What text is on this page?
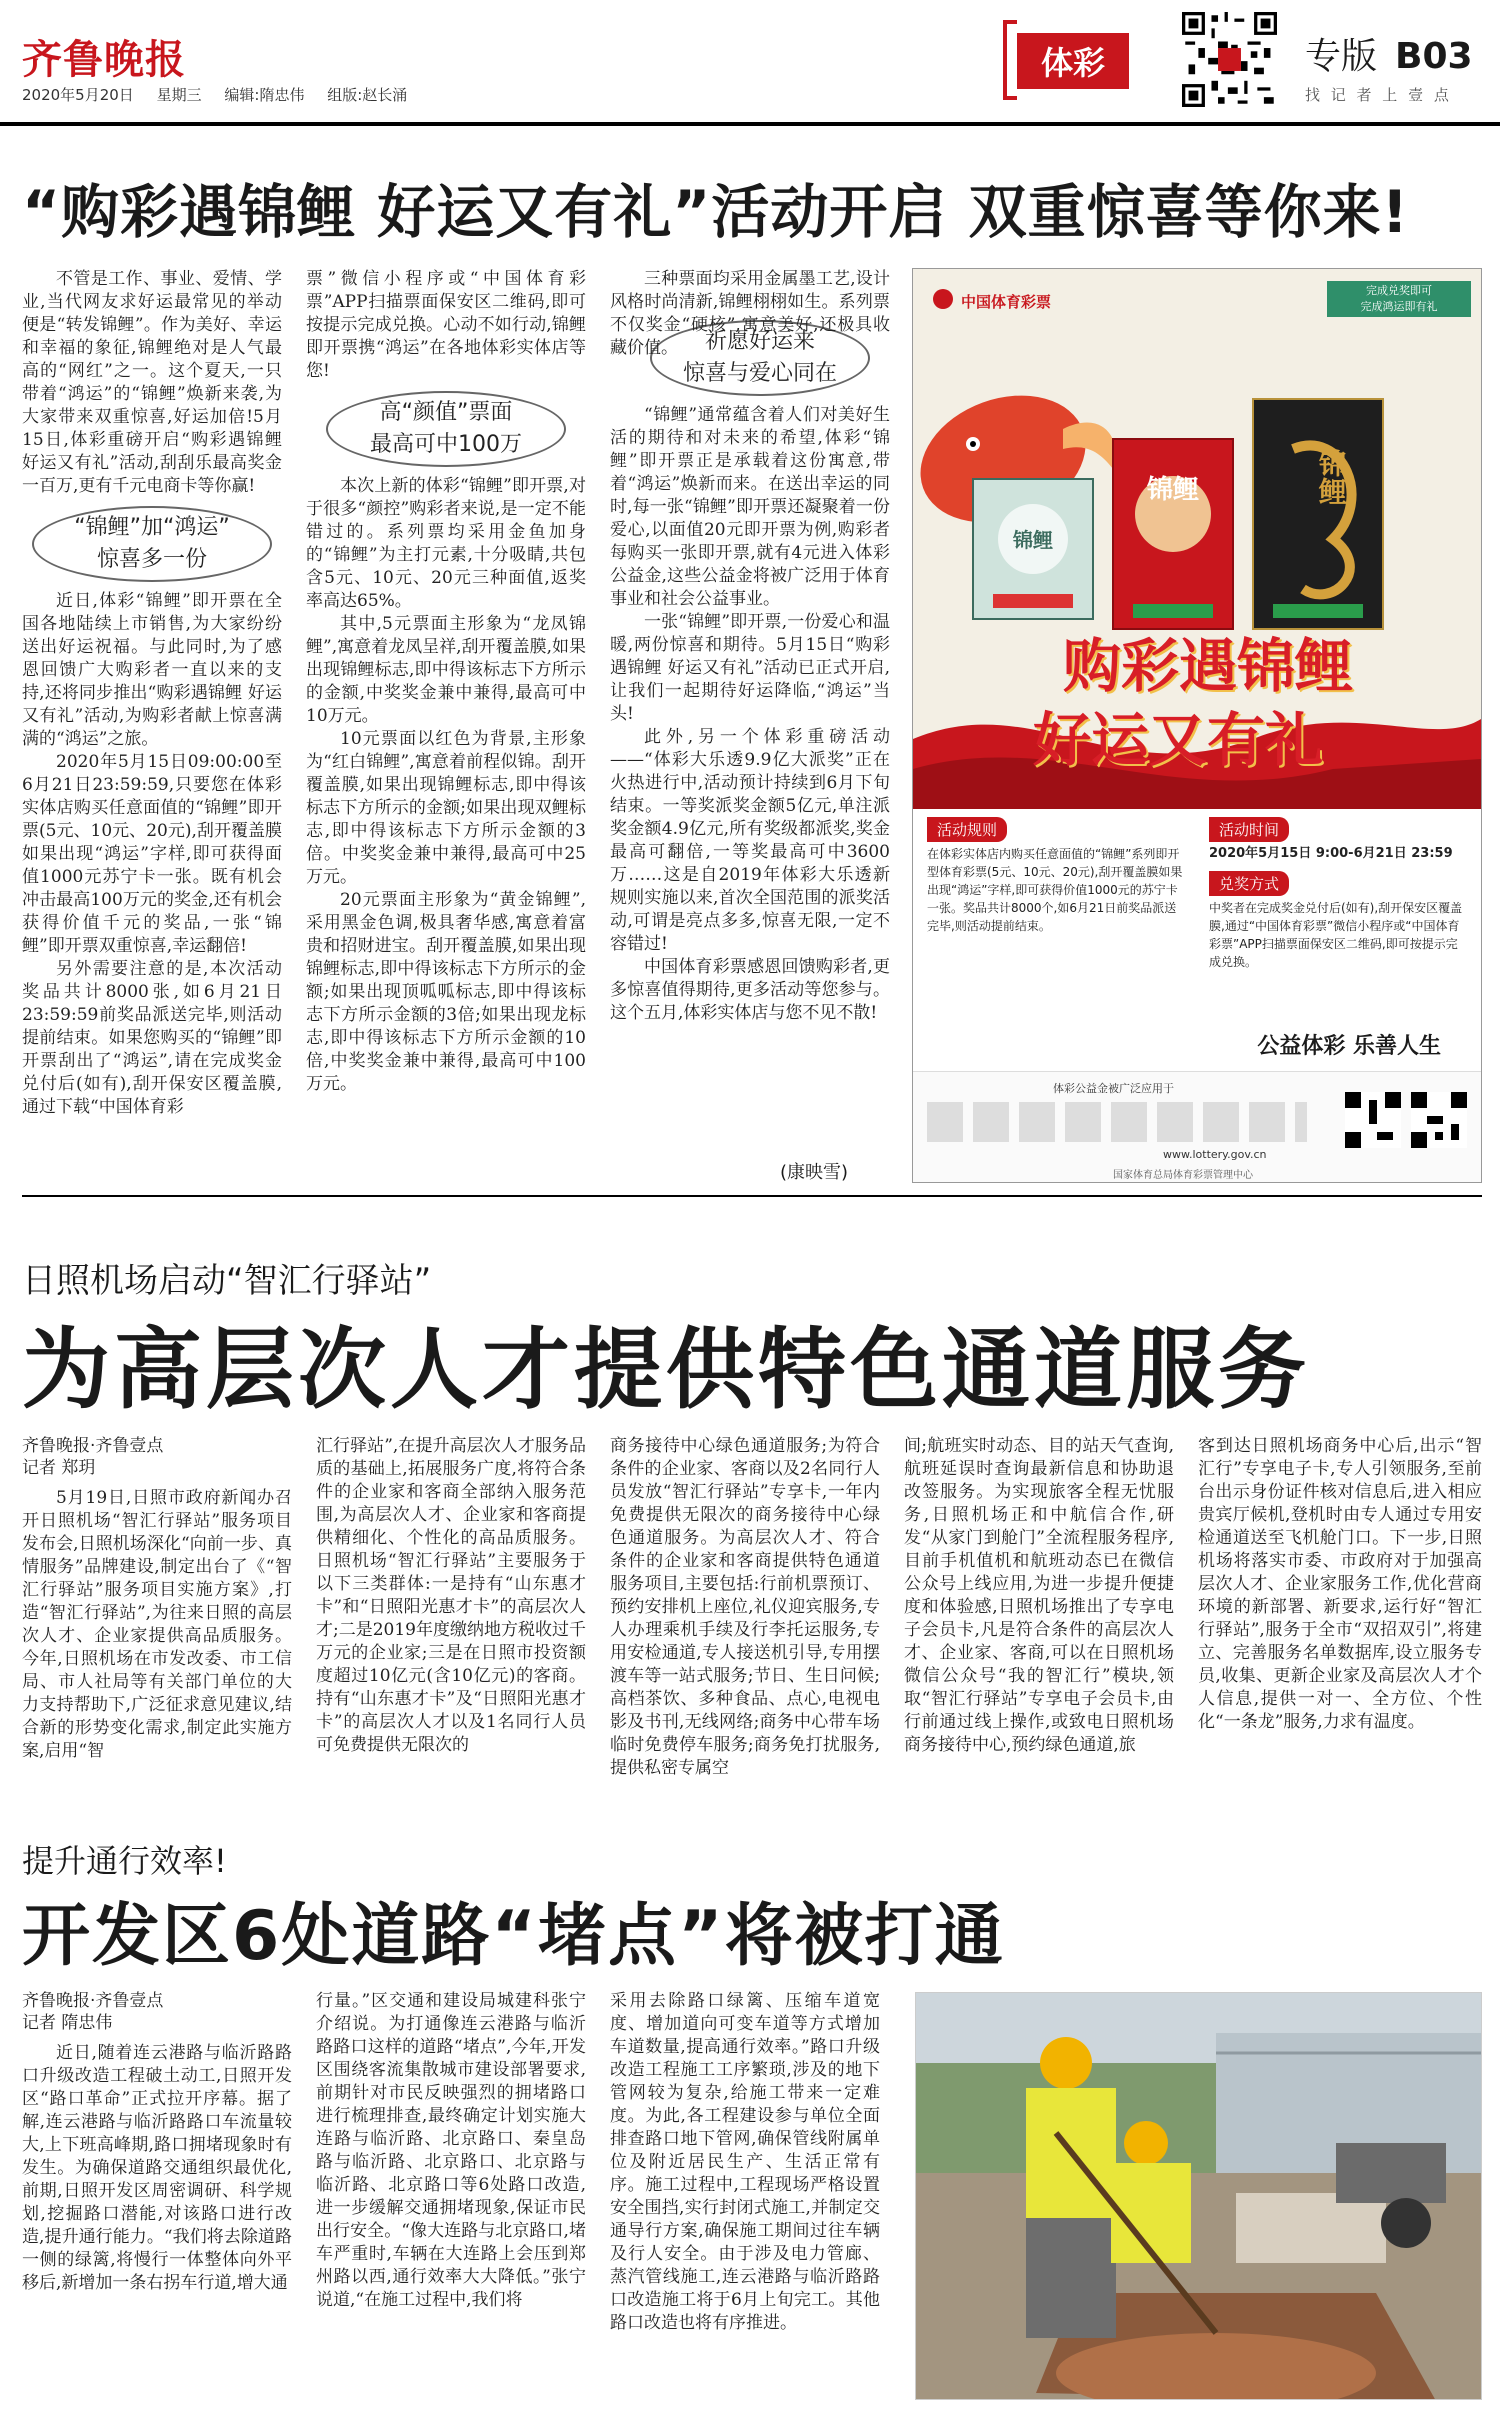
齐鲁晚报
2020年5月20日 星期三 编辑:隋忠伟 组版:赵长涌
体彩	专版 B03
找 记 者 上 壹 点
“购彩遇锦鲤 好运又有礼”活动开启 双重惊喜等你来!

不管是工作、事业、爱情、学业,当代网友求好运最常见的举动便是“转发锦鲤”。作为美好、幸运和幸福的象征,锦鲤绝对是人气最高的“网红”之一。这个夏天,一只带着“鸿运”的“锦鲤”焕新来袭,为大家带来双重惊喜,好运加倍!5月15日,体彩重磅开启“购彩遇锦鲤 好运又有礼”活动,刮刮乐最高奖金一百万,更有千元电商卡等你赢!

“锦鲤”加“鸿运”
惊喜多一份

近日,体彩“锦鲤”即开票在全国各地陆续上市销售,为大家纷纷送出好运祝福。与此同时,为了感恩回馈广大购彩者一直以来的支持,还将同步推出“购彩遇锦鲤 好运又有礼”活动,为购彩者献上惊喜满满的“鸿运”之旅。

2020年5月15日09:00:00至6月21日23:59:59,只要您在体彩实体店购买任意面值的“锦鲤”即开票(5元、10元、20元),刮开覆盖膜如果出现“鸿运”字样,即可获得面值1000元苏宁卡一张。既有机会冲击最高100万元的奖金,还有机会获得价值千元的奖品,一张“锦鲤”即开票双重惊喜,幸运翻倍!

另外需要注意的是,本次活动奖品共计8000张,如6月21日23:59:59前奖品派送完毕,则活动提前结束。如果您购买的“锦鲤”即开票刮出了“鸿运”,请在完成奖金兑付后(如有),刮开保安区覆盖膜,通过下载“中国体育彩

票”微信小程序或“中国体育彩票”APP扫描票面保安区二维码,即可按提示完成兑换。心动不如行动,锦鲤即开票携“鸿运”在各地体彩实体店等您!

高“颜值”票面
最高可中100万

本次上新的体彩“锦鲤”即开票,对于很多“颜控”购彩者来说,是一定不能错过的。系列票均采用金鱼加身的“锦鲤”为主打元素,十分吸睛,共包含5元、10元、20元三种面值,返奖率高达65%。

其中,5元票面主形象为“龙凤锦鲤”,寓意着龙凤呈祥,刮开覆盖膜,如果出现锦鲤标志,即中得该标志下方所示的金额,中奖奖金兼中兼得,最高可中10万元。

10元票面以红色为背景,主形象为“红白锦鲤”,寓意着前程似锦。刮开覆盖膜,如果出现锦鲤标志,即中得该标志下方所示的金额;如果出现双鲤标志,即中得该标志下方所示金额的3倍。中奖奖金兼中兼得,最高可中25万元。

20元票面主形象为“黄金锦鲤”,采用黑金色调,极具奢华感,寓意着富贵和招财进宝。刮开覆盖膜,如果出现锦鲤标志,即中得该标志下方所示的金额;如果出现顶呱呱标志,即中得该标志下方所示金额的3倍;如果出现龙标志,即中得该标志下方所示金额的10倍,中奖奖金兼中兼得,最高可中100万元。

三种票面均采用金属墨工艺,设计风格时尚清新,锦鲤栩栩如生。系列票不仅奖金“硬核”,寓意美好,还极具收藏价值。	祈愿好运来
惊喜与爱心同在

“锦鲤”通常蕴含着人们对美好生活的期待和对未来的希望,体彩“锦鲤”即开票正是承载着这份寓意,带着“鸿运”焕新而来。在送出幸运的同时,每一张“锦鲤”即开票还凝聚着一份爱心,以面值20元即开票为例,购彩者每购买一张即开票,就有4元进入体彩公益金,这些公益金将被广泛用于体育事业和社会公益事业。

一张“锦鲤”即开票,一份爱心和温暖,两份惊喜和期待。5月15日“购彩遇锦鲤 好运又有礼”活动已正式开启,让我们一起期待好运降临,“鸿运”当头!

此外,另一个体彩重磅活动——“体彩大乐透9.9亿大派奖”正在火热进行中,活动预计持续到6月下旬结束。一等奖派奖金额5亿元,单注派奖金额4.9亿元,所有奖级都派奖,奖金最高可翻倍,一等奖最高可中3600万……这是自2019年体彩大乐透新规则实施以来,首次全国范围的派奖活动,可谓是亮点多多,惊喜无限,一定不容错过!

中国体育彩票感恩回馈购彩者,更多惊喜值得期待,更多活动等您参与。这个五月,体彩实体店与您不见不散!

(康映雪)
中国体育彩票
完成兑奖即可
完成鸿运即有礼
锦鲤
锦鲤
锦鲤
购彩遇锦鲤
好运又有礼
活动规则
在体彩实体店内购买任意面值的“锦鲤”系列即开型体育彩票(5元、10元、20元),刮开覆盖膜如果出现“鸿运”字样,即可获得价值1000元的苏宁卡一张。奖品共计8000个,如6月21日前奖品派送完毕,则活动提前结束。
活动时间
2020年5月15日 9:00-6月21日 23:59
兑奖方式
中奖者在完成奖金兑付后(如有),刮开保安区覆盖膜,通过“中国体育彩票”微信小程序或“中国体育彩票”APP扫描票面保安区二维码,即可按提示完成兑换。
公益体彩 乐善人生
体彩公益金被广泛应用于
www.lottery.gov.cn
国家体育总局体育彩票管理中心
日照机场启动“智汇行驿站”
为高层次人才提供特色通道服务
齐鲁晚报·齐鲁壹点
记者 郑玥

5月19日,日照市政府新闻办召开日照机场“智汇行驿站”服务项目发布会,日照机场深化“向前一步、真情服务”品牌建设,制定出台了《“智汇行驿站”服务项目实施方案》,打造“智汇行驿站”,为往来日照的高层次人才、企业家提供高品质服务。今年,日照机场在市发改委、市工信局、市人社局等有关部门单位的大力支持帮助下,广泛征求意见建议,结合新的形势变化需求,制定此实施方案,启用“智

汇行驿站”,在提升高层次人才服务品质的基础上,拓展服务广度,将符合条件的企业家和客商全部纳入服务范围,为高层次人才、企业家和客商提供精细化、个性化的高品质服务。日照机场“智汇行驿站”主要服务于以下三类群体:一是持有“山东惠才卡”和“日照阳光惠才卡”的高层次人才;二是2019年度缴纳地方税收过千万元的企业家;三是在日照市投资额度超过10亿元(含10亿元)的客商。持有“山东惠才卡”及“日照阳光惠才卡”的高层次人才以及1名同行人员可免费提供无限次的

商务接待中心绿色通道服务;为符合条件的企业家、客商以及2名同行人员发放“智汇行驿站”专享卡,一年内免费提供无限次的商务接待中心绿色通道服务。为高层次人才、符合条件的企业家和客商提供特色通道服务项目,主要包括:行前机票预订、预约安排机上座位,礼仪迎宾服务,专人办理乘机手续及行李托运服务,专用安检通道,专人接送机引导,专用摆渡车等一站式服务;节日、生日问候;高档茶饮、多种食品、点心,电视电影及书刊,无线网络;商务中心带车场临时免费停车服务;商务免打扰服务,提供私密专属空

间;航班实时动态、目的站天气查询,航班延误时查询最新信息和协助退改签服务。为实现旅客全程无忧服务,日照机场正和中航信合作,研发“从家门到舱门”全流程服务程序,目前手机值机和航班动态已在微信公众号上线应用,为进一步提升便捷度和体验感,日照机场推出了专享电子会员卡,凡是符合条件的高层次人才、企业家、客商,可以在日照机场微信公众号“我的智汇行”模块,领取“智汇行驿站”专享电子会员卡,由行前通过线上操作,或致电日照机场商务接待中心,预约绿色通道,旅

客到达日照机场商务中心后,出示“智汇行”专享电子卡,专人引领服务,至前台出示身份证件核对信息后,进入相应贵宾厅候机,登机时由专人通过专用安检通道送至飞机舱门口。下一步,日照机场将落实市委、市政府对于加强高层次人才、企业家服务工作,优化营商环境的新部署、新要求,运行好“智汇行驿站”,服务于全市“双招双引”,将建立、完善服务名单数据库,设立服务专员,收集、更新企业家及高层次人才个人信息,提供一对一、全方位、个性化“一条龙”服务,力求有温度。

提升通行效率!
开发区6处道路“堵点”将被打通
齐鲁晚报·齐鲁壹点
记者 隋忠伟

近日,随着连云港路与临沂路路口升级改造工程破土动工,日照开发区“路口革命”正式拉开序幕。据了解,连云港路与临沂路路口车流量较大,上下班高峰期,路口拥堵现象时有发生。为确保道路交通组织最优化,前期,日照开发区周密调研、科学规划,挖掘路口潜能,对该路口进行改造,提升通行能力。“我们将去除道路一侧的绿篱,将慢行一体整体向外平移后,新增加一条右拐车行道,增大通

行量。”区交通和建设局城建科张宁介绍说。为打通像连云港路与临沂路路口这样的道路“堵点”,今年,开发区围绕客流集散城市建设部署要求,前期针对市民反映强烈的拥堵路口进行梳理排查,最终确定计划实施大连路与临沂路、北京路口、秦皇岛路与临沂路、北京路口、北京路与临沂路、北京路口等6处路口改造,进一步缓解交通拥堵现象,保证市民出行安全。“像大连路与北京路口,堵车严重时,车辆在大连路上会压到郑州路以西,通行效率大大降低。”张宁说道,“在施工过程中,我们将

采用去除路口绿篱、压缩车道宽度、增加道向可变车道等方式增加车道数量,提高通行效率。”路口升级改造工程施工工序繁琐,涉及的地下管网较为复杂,给施工带来一定难度。为此,各工程建设参与单位全面排查路口地下管网,确保管线附属单位及附近居民生产、生活正常有序。施工过程中,工程现场严格设置安全围挡,实行封闭式施工,并制定交通导行方案,确保施工期间过往车辆及行人安全。由于涉及电力管廊、蒸汽管线施工,连云港路与临沂路路口改造施工将于6月上旬完工。其他路口改造也将有序推进。
